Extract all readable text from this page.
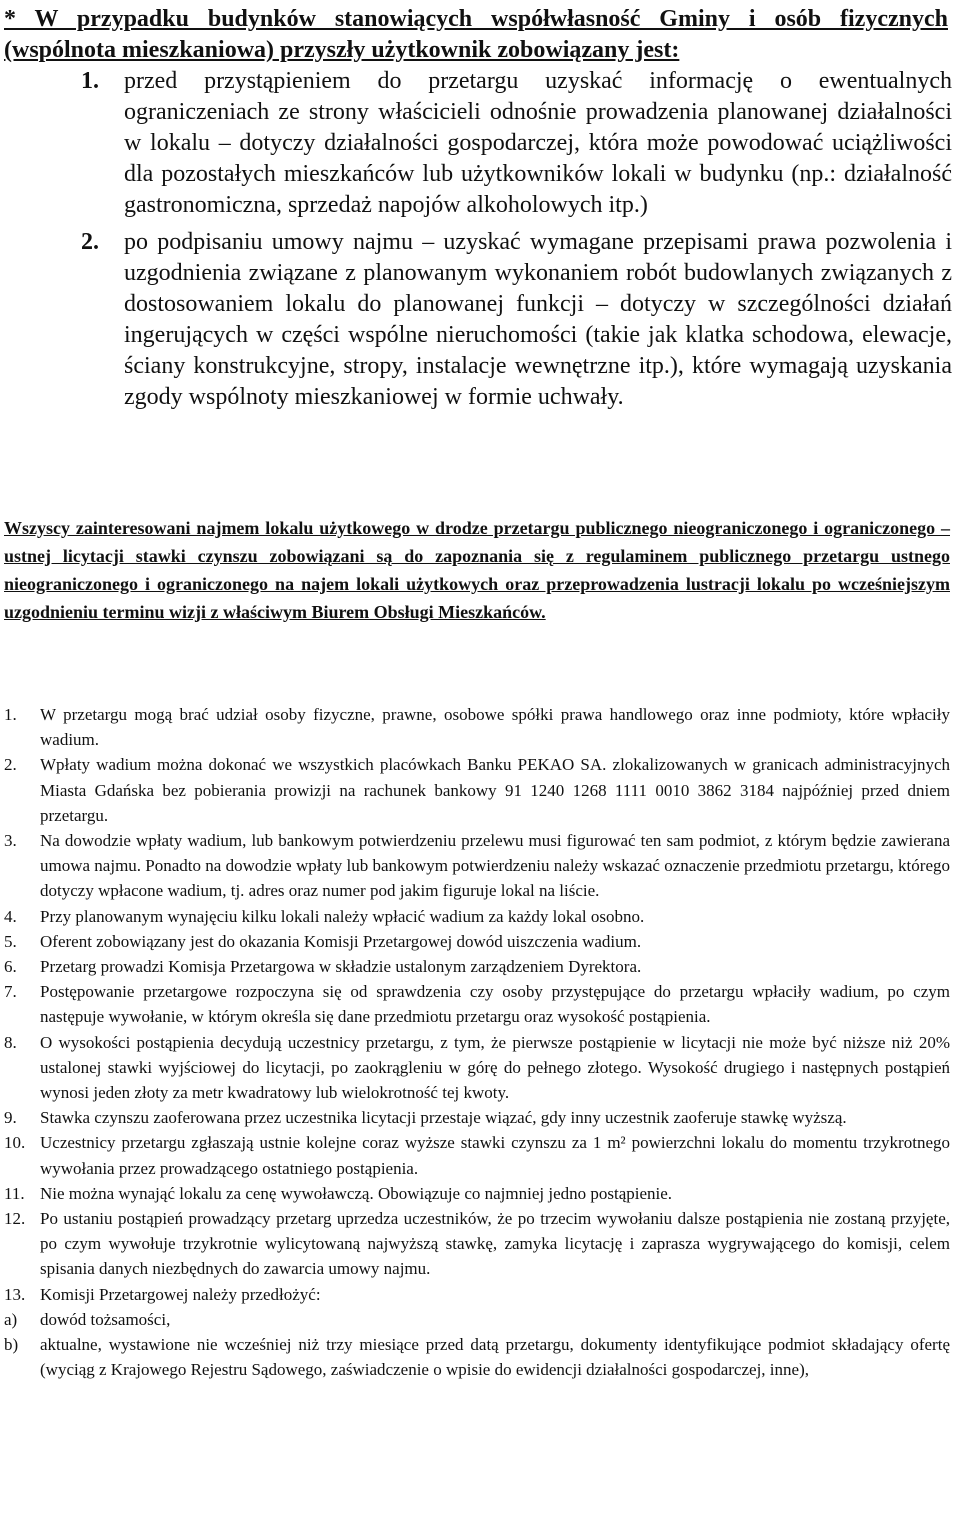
* W przypadku budynków stanowiących współwłasność Gminy i osób fizycznych (wspólnota mieszkaniowa) przyszły użytkownik zobowiązany jest:
1. przed przystąpieniem do przetargu uzyskać informację o ewentualnych ograniczeniach ze strony właścicieli odnośnie prowadzenia planowanej działalności w lokalu – dotyczy działalności gospodarczej, która może powodować uciążliwości dla pozostałych mieszkańców lub użytkowników lokali w budynku (np.: działalność gastronomiczna, sprzedaż napojów alkoholowych itp.)
2. po podpisaniu umowy najmu – uzyskać wymagane przepisami prawa pozwolenia i uzgodnienia związane z planowanym wykonaniem robót budowlanych związanych z dostosowaniem lokalu do planowanej funkcji – dotyczy w szczególności działań ingerujących w części wspólne nieruchomości (takie jak klatka schodowa, elewacje, ściany konstrukcyjne, stropy, instalacje wewnętrzne itp.), które wymagają uzyskania zgody wspólnoty mieszkaniowej w formie uchwały.
Wszyscy zainteresowani najmem lokalu użytkowego w drodze przetargu publicznego nieograniczonego i ograniczonego – ustnej licytacji stawki czynszu zobowiązani są do zapoznania się z regulaminem publicznego przetargu ustnego nieograniczonego i ograniczonego na najem lokali użytkowych oraz przeprowadzenia lustracji lokalu po wcześniejszym uzgodnieniu terminu wizji z właściwym Biurem Obsługi Mieszkańców.
1. W przetargu mogą brać udział osoby fizyczne, prawne, osobowe spółki prawa handlowego oraz inne podmioty, które wpłaciły wadium.
2. Wpłaty wadium można dokonać we wszystkich placówkach Banku PEKAO SA. zlokalizowanych w granicach administracyjnych Miasta Gdańska bez pobierania prowizji na rachunek bankowy 91 1240 1268 1111 0010 3862 3184 najpóźniej przed dniem przetargu.
3. Na dowodzie wpłaty wadium, lub bankowym potwierdzeniu przelewu musi figurować ten sam podmiot, z którym będzie zawierana umowa najmu. Ponadto na dowodzie wpłaty lub bankowym potwierdzeniu należy wskazać oznaczenie przedmiotu przetargu, którego dotyczy wpłacone wadium, tj. adres oraz numer pod jakim figuruje lokal na liście.
4. Przy planowanym wynajęciu kilku lokali należy wpłacić wadium za każdy lokal osobno.
5. Oferent zobowiązany jest do okazania Komisji Przetargowej dowód uiszczenia wadium.
6. Przetarg prowadzi Komisja Przetargowa w składzie ustalonym zarządzeniem Dyrektora.
7. Postępowanie przetargowe rozpoczyna się od sprawdzenia czy osoby przystępujące do przetargu wpłaciły wadium, po czym następuje wywołanie, w którym określa się dane przedmiotu przetargu oraz wysokość postąpienia.
8. O wysokości postąpienia decydują uczestnicy przetargu, z tym, że pierwsze postąpienie w licytacji nie może być niższe niż 20% ustalonej stawki wyjściowej do licytacji, po zaokrągleniu w górę do pełnego złotego. Wysokość drugiego i następnych postąpień wynosi jeden złoty za metr kwadratowy lub wielokrotność tej kwoty.
9. Stawka czynszu zaoferowana przez uczestnika licytacji przestaje wiązać, gdy inny uczestnik zaoferuje stawkę wyższą.
10. Uczestnicy przetargu zgłaszają ustnie kolejne coraz wyższe stawki czynszu za 1 m² powierzchni lokalu do momentu trzykrotnego wywołania przez prowadzącego ostatniego postąpienia.
11. Nie można wynająć lokalu za cenę wywoławczą. Obowiązuje co najmniej jedno postąpienie.
12. Po ustaniu postąpień prowadzący przetarg uprzedza uczestników, że po trzecim wywołaniu dalsze postąpienia nie zostaną przyjęte, po czym wywołuje trzykrotnie wylicytowaną najwyższą stawkę, zamyka licytację i zaprasza wygrywającego do komisji, celem spisania danych niezbędnych do zawarcia umowy najmu.
13. Komisji Przetargowej należy przedłożyć:
a) dowód tożsamości,
b) aktualne, wystawione nie wcześniej niż trzy miesiące przed datą przetargu, dokumenty identyfikujące podmiot składający ofertę (wyciąg z Krajowego Rejestru Sądowego, zaświadczenie o wpisie do ewidencji działalności gospodarczej, inne),
